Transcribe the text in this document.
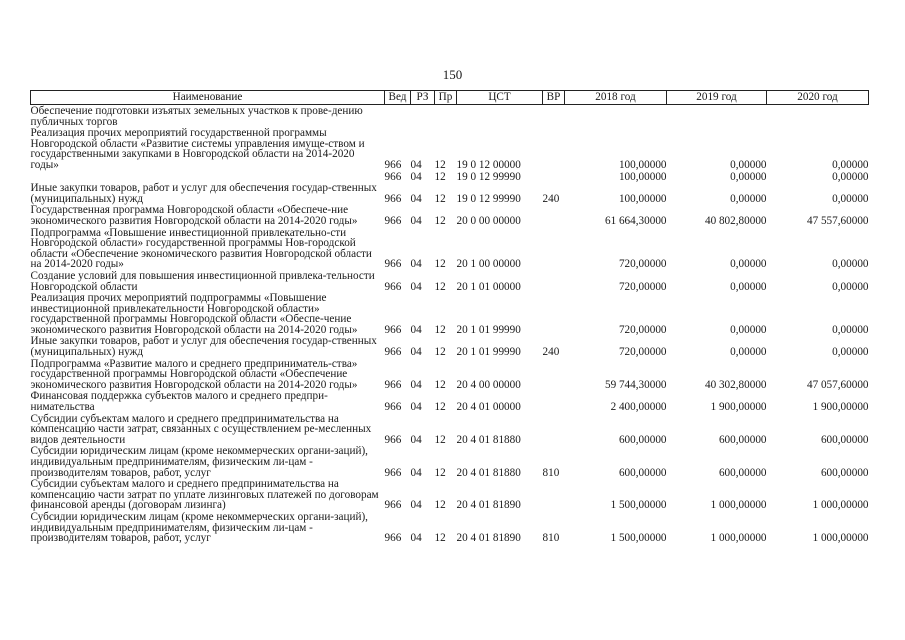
150
Наименование	Вед	РЗ	Пр	ЦСТ	ВР	2018 год	2019 год	2020 год
Обеспечение подготовки изъятых земельных участков к прове-дению публичных торгов								
Реализация прочих мероприятий государственной программы Новгородской области «Развитие системы управления имуще-ством и государственными закупками в Новгородской области на 2014-2020 годы»	966	04	12	19 0 12 00000		100,00000	0,00000	0,00000
	966	04	12	19 0 12 99990		100,00000	0,00000	0,00000
Иные закупки товаров, работ и услуг для обеспечения государ-ственных (муниципальных) нужд	966	04	12	19 0 12 99990	240	100,00000	0,00000	0,00000
Государственная программа Новгородской области «Обеспече-ние экономического развития Новгородской области на 2014-2020 годы»	966	04	12	20 0 00 00000		61 664,30000	40 802,80000	47 557,60000
Подпрограмма «Повышение инвестиционной привлекательно-сти Новгородской области» государственной программы Нов-городской области «Обеспечение экономического развития Новгородской области на 2014-2020 годы»	966	04	12	20 1 00 00000		720,00000	0,00000	0,00000
Создание условий для повышения инвестиционной привлека-тельности Новгородской области	966	04	12	20 1 01 00000		720,00000	0,00000	0,00000
Реализация прочих мероприятий подпрограммы «Повышение инвестиционной привлекательности Новгородской области» государственной программы Новгородской области «Обеспе-чение экономического развития Новгородской области на 2014-2020 годы»	966	04	12	20 1 01 99990		720,00000	0,00000	0,00000
Иные закупки товаров, работ и услуг для обеспечения государ-ственных (муниципальных) нужд	966	04	12	20 1 01 99990	240	720,00000	0,00000	0,00000
Подпрограмма «Развитие малого и среднего предприниматель-ства» государственной программы Новгородской области «Обеспечение экономического развития Новгородской области на 2014-2020 годы»	966	04	12	20 4 00 00000		59 744,30000	40 302,80000	47 057,60000
Финансовая поддержка субъектов малого и среднего предпри-нимательства	966	04	12	20 4 01 00000		2 400,00000	1 900,00000	1 900,00000
Субсидии субъектам малого и среднего предпринимательства на компенсацию части затрат, связанных с осуществлением ре-месленных видов деятельности	966	04	12	20 4 01 81880		600,00000	600,00000	600,00000
Субсидии юридическим лицам (кроме некоммерческих органи-заций), индивидуальным предпринимателям, физическим ли-цам - производителям товаров, работ, услуг	966	04	12	20 4 01 81880	810	600,00000	600,00000	600,00000
Субсидии субъектам малого и среднего предпринимательства на компенсацию части затрат по уплате лизинговых платежей по договорам финансовой аренды (договорам лизинга)	966	04	12	20 4 01 81890		1 500,00000	1 000,00000	1 000,00000
Субсидии юридическим лицам (кроме некоммерческих органи-заций), индивидуальным предпринимателям, физическим ли-цам - производителям товаров, работ, услуг	966	04	12	20 4 01 81890	810	1 500,00000	1 000,00000	1 000,00000
